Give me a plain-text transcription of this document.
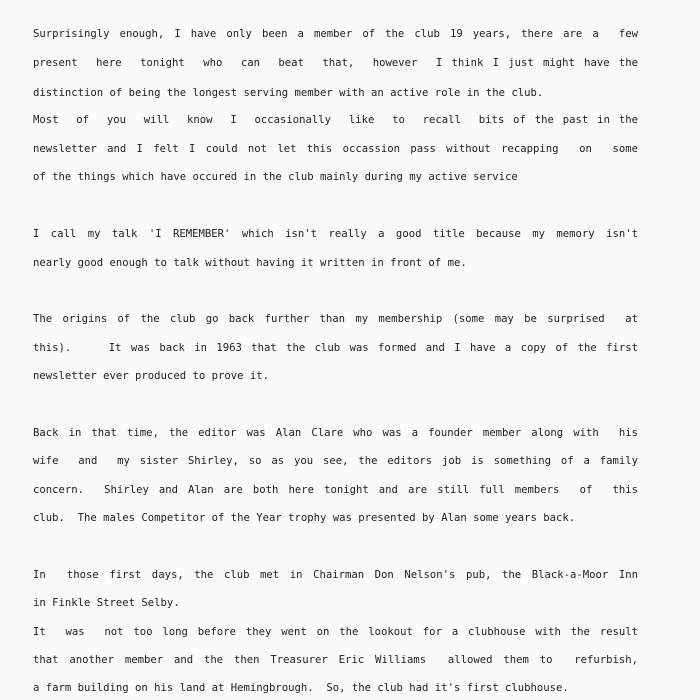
Surprisingly enough, I have only been a member of the club 19 years, there are a  few
present  here  tonight  who  can  beat  that,  however  I think I just might have the
distinction of being the longest serving member with an active role in the club.
Most  of  you  will  know  I  occasionally  like  to  recall  bits of the past in the
newsletter and I felt I could not let this occassion pass without recapping  on  some
of the things which have occured in the club mainly during my active service
I call my talk 'I REMEMBER' which isn't really a good title because my memory isn't
nearly good enough to talk without having it written in front of me.
The origins of the club go back further than my membership (some may be surprised  at
this).    It was back in 1963 that the club was formed and I have a copy of the first
newsletter ever produced to prove it.
Back in that time, the editor was Alan Clare who was a founder member along with  his
wife  and  my sister Shirley, so as you see, the editors job is something of a family
concern.  Shirley and Alan are both here tonight and are still full members  of  this
club.  The males Competitor of the Year trophy was presented by Alan some years back.
In  those first days, the club met in Chairman Don Nelson's pub, the Black-a-Moor Inn
in Finkle Street Selby.
It  was  not too long before they went on the lookout for a clubhouse with the result
that another member and the then Treasurer Eric Williams  allowed them to  refurbish,
a farm building on his land at Hemingbrough.  So, the club had it's first clubhouse.
